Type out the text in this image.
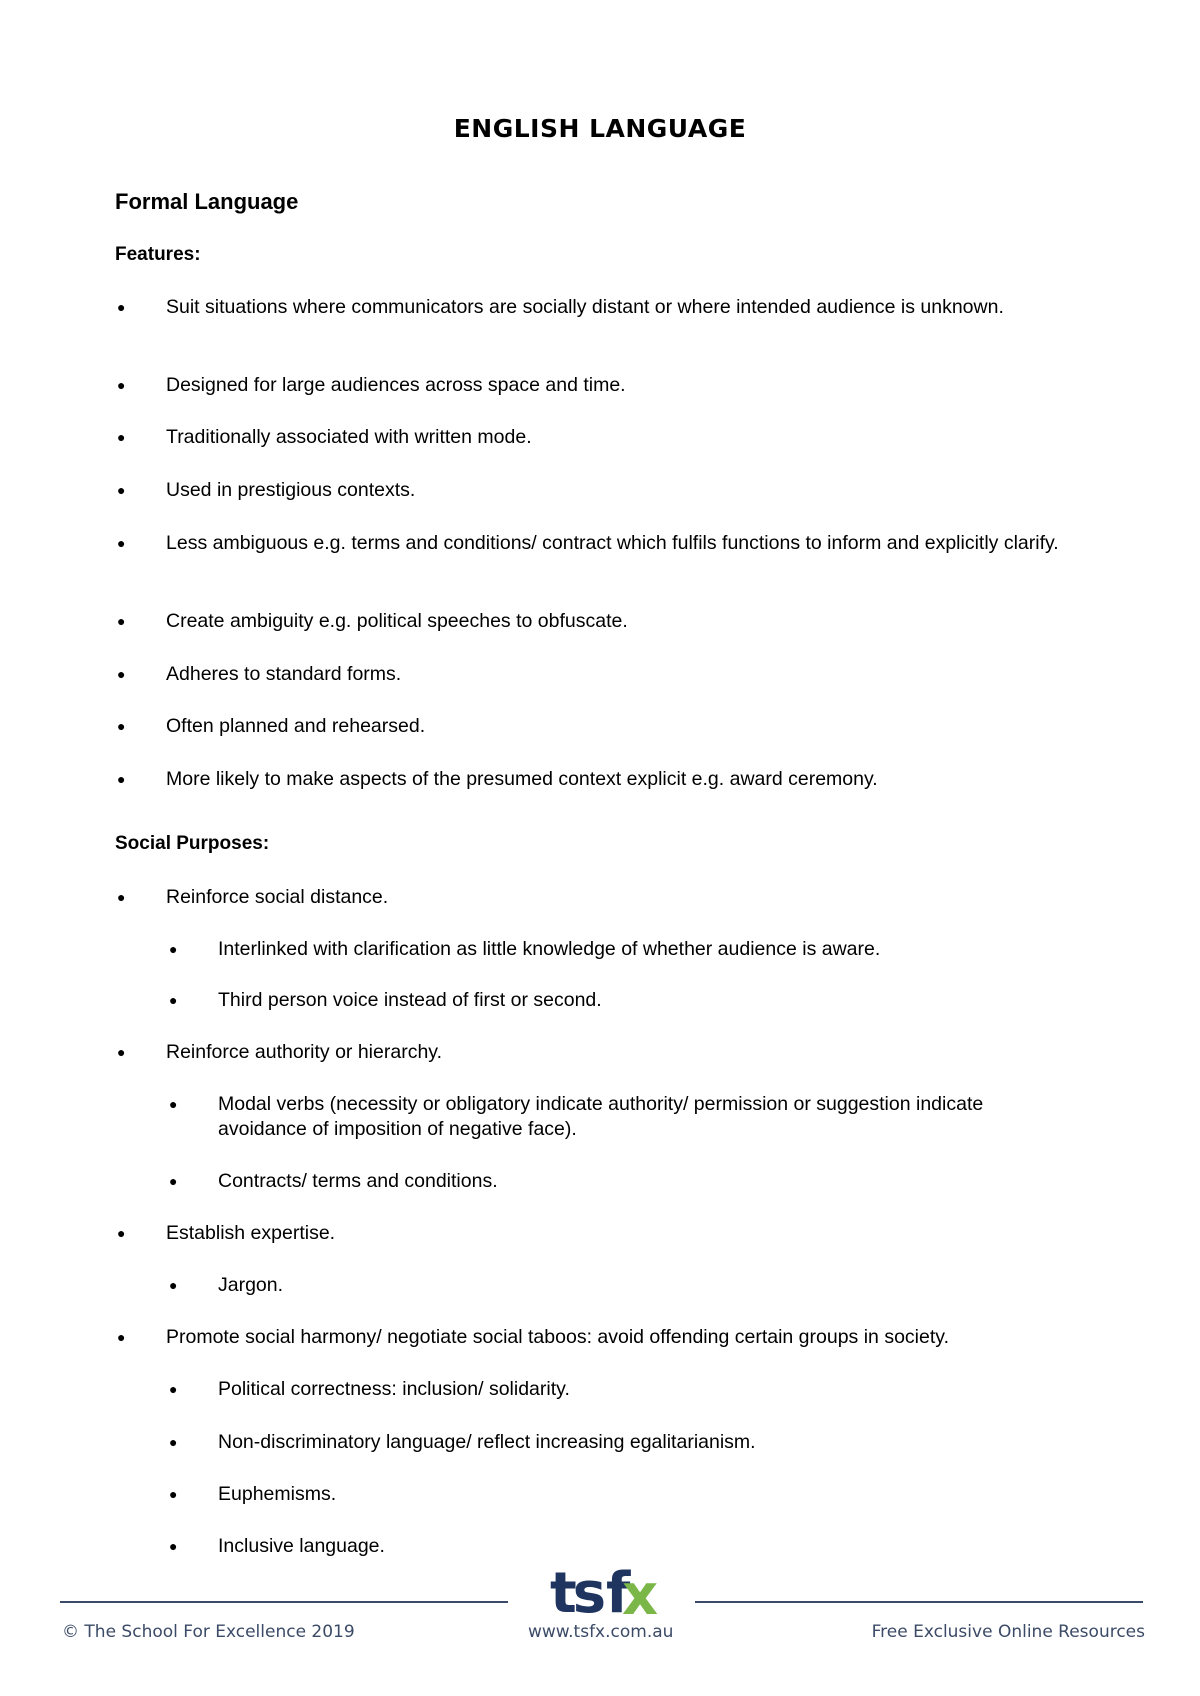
ENGLISH LANGUAGE
Formal Language
Features:
● Suit situations where communicators are socially distant or where intended audience is unknown.
● Designed for large audiences across space and time.
● Traditionally associated with written mode.
● Used in prestigious contexts.
● Less ambiguous e.g. terms and conditions/ contract which fulfils functions to inform and explicitly clarify.
● Create ambiguity e.g. political speeches to obfuscate.
● Adheres to standard forms.
● Often planned and rehearsed.
● More likely to make aspects of the presumed context explicit e.g. award ceremony.
Social Purposes:
● Reinforce social distance.
● Interlinked with clarification as little knowledge of whether audience is aware.
● Third person voice instead of first or second.
● Reinforce authority or hierarchy.
● Modal verbs (necessity or obligatory indicate authority/ permission or suggestion indicate avoidance of imposition of negative face).
● Contracts/ terms and conditions.
● Establish expertise.
● Jargon.
● Promote social harmony/ negotiate social taboos: avoid offending certain groups in society.
● Political correctness: inclusion/ solidarity.
● Non-discriminatory language/ reflect increasing egalitarianism.
● Euphemisms.
● Inclusive language.
ts f
x
© The School For Excellence 2019	www.tsfx.com.au	Free Exclusive Online Resources
